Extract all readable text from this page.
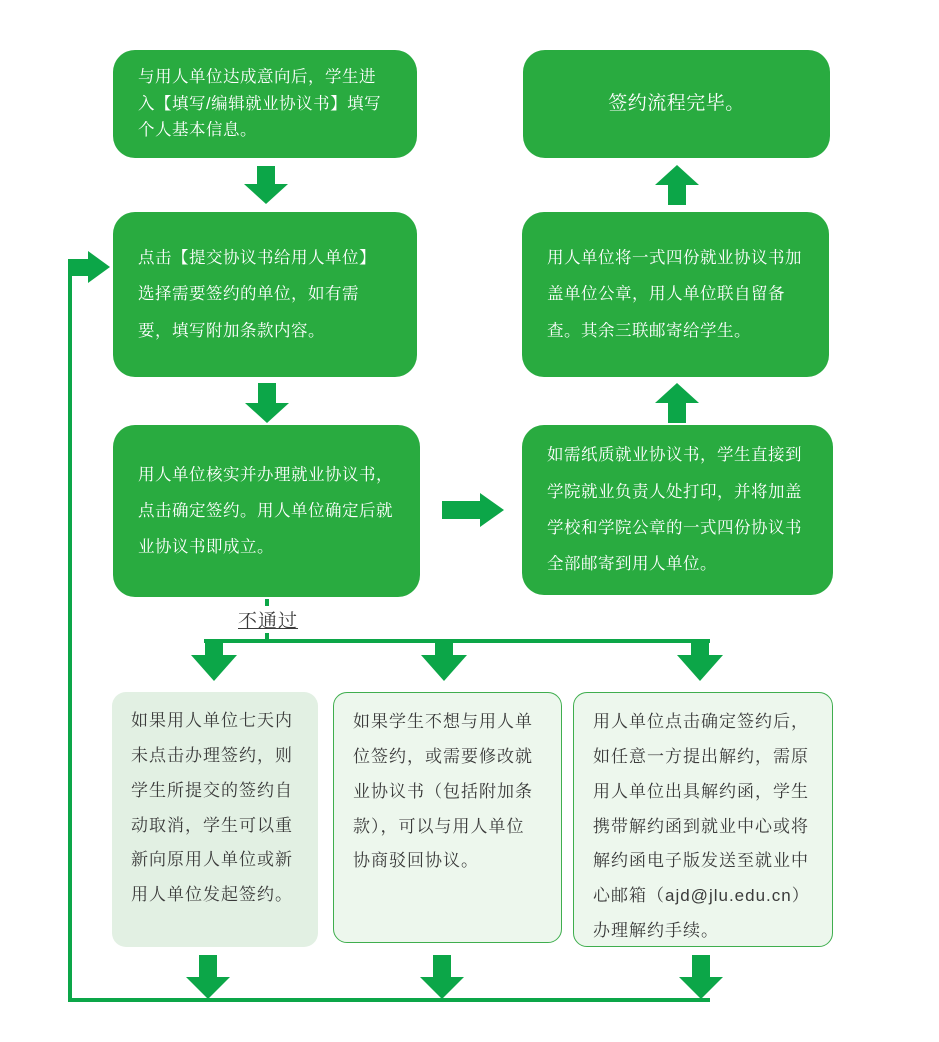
与用人单位达成意向后，学生进入【填写/编辑就业协议书】填写个人基本信息。
点击【提交协议书给用人单位】选择需要签约的单位，如有需要，填写附加条款内容。
用人单位核实并办理就业协议书，点击确定签约。用人单位确定后就业协议书即成立。
签约流程完毕。
用人单位将一式四份就业协议书加盖单位公章，用人单位联自留备查。其余三联邮寄给学生。
如需纸质就业协议书，学生直接到学院就业负责人处打印，并将加盖学校和学院公章的一式四份协议书全部邮寄到用人单位。
不通过
如果用人单位七天内未点击办理签约，则学生所提交的签约自动取消，学生可以重新向原用人单位或新用人单位发起签约。
如果学生不想与用人单位签约，或需要修改就业协议书（包括附加条款），可以与用人单位协商驳回协议。
用人单位点击确定签约后，如任意一方提出解约，需原用人单位出具解约函，学生携带解约函到就业中心或将解约函电子版发送至就业中心邮箱（ajd@jlu.edu.cn）办理解约手续。
